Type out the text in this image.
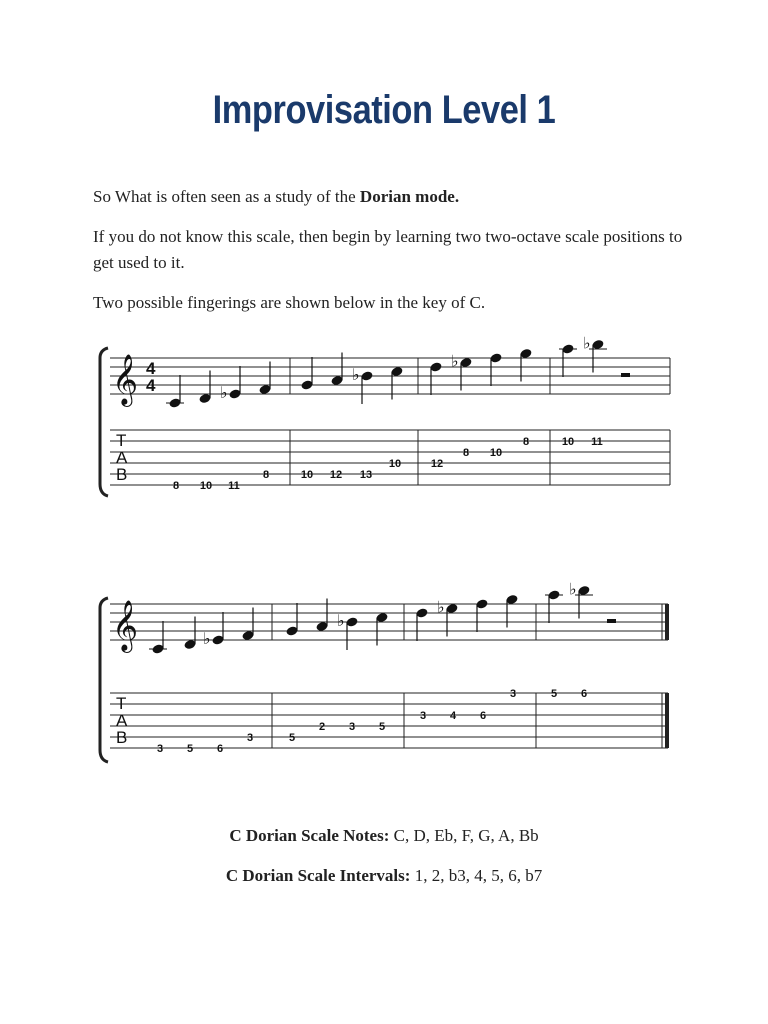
Improvisation Level 1
So What is often seen as a study of the Dorian mode.
If you do not know this scale, then begin by learning two two-octave scale positions to get used to it.
Two possible fingerings are shown below in the key of C.
𝄞
𝄞
4
4
T
A
B
T
A
B
♭
♭
♭
♭
♭
♭
♭
♭
8 10 11
8	10 12 13
10	12
8 10
8	10 11
3 5 6
3	5
2 3 5
3 4 6
3	5 6
C Dorian Scale Notes: C, D, Eb, F, G, A, Bb
C Dorian Scale Intervals: 1, 2, b3, 4, 5, 6, b7
